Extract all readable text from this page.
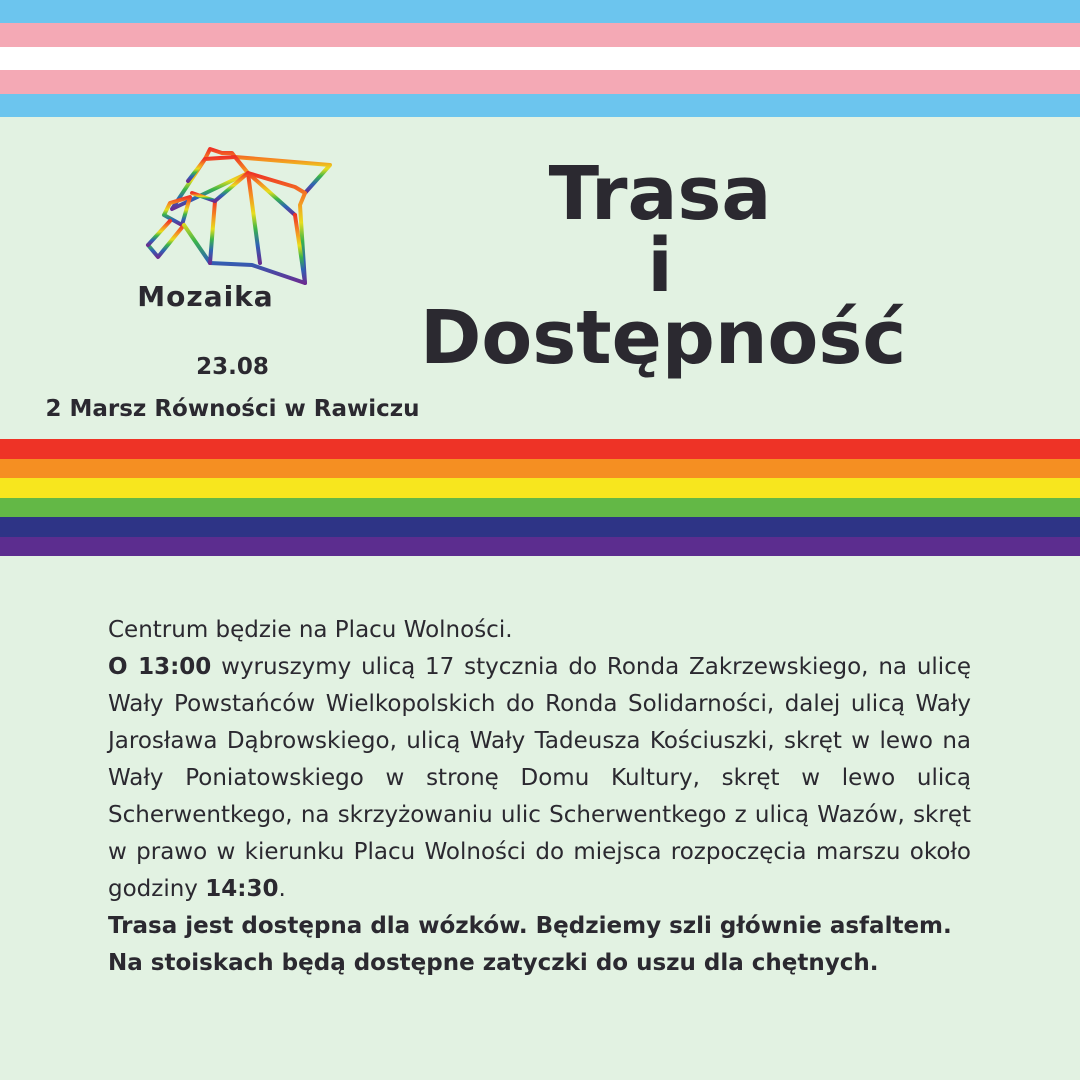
Mozaika
23.08
2 Marsz Równości w Rawiczu
Trasa
i
Dostępność

Centrum będzie na Placu Wolności.

O 13:00 wyruszymy ulicą 17 stycznia do Ronda Zakrzewskiego, na ulicę Wały Powstańców Wielkopolskich do Ronda Solidarności, dalej ulicą Wały Jarosława Dąbrowskiego, ulicą Wały Tadeusza Kościuszki, skręt w lewo na Wały Poniatowskiego w stronę Domu Kultury, skręt w lewo ulicą Scherwentkego, na skrzyżowaniu ulic Scherwentkego z ulicą Wazów, skręt w prawo w kierunku Placu Wolności do miejsca rozpoczęcia marszu około godziny 14:30.

Trasa jest dostępna dla wózków. Będziemy szli głównie asfaltem.

Na stoiskach będą dostępne zatyczki do uszu dla chętnych.
